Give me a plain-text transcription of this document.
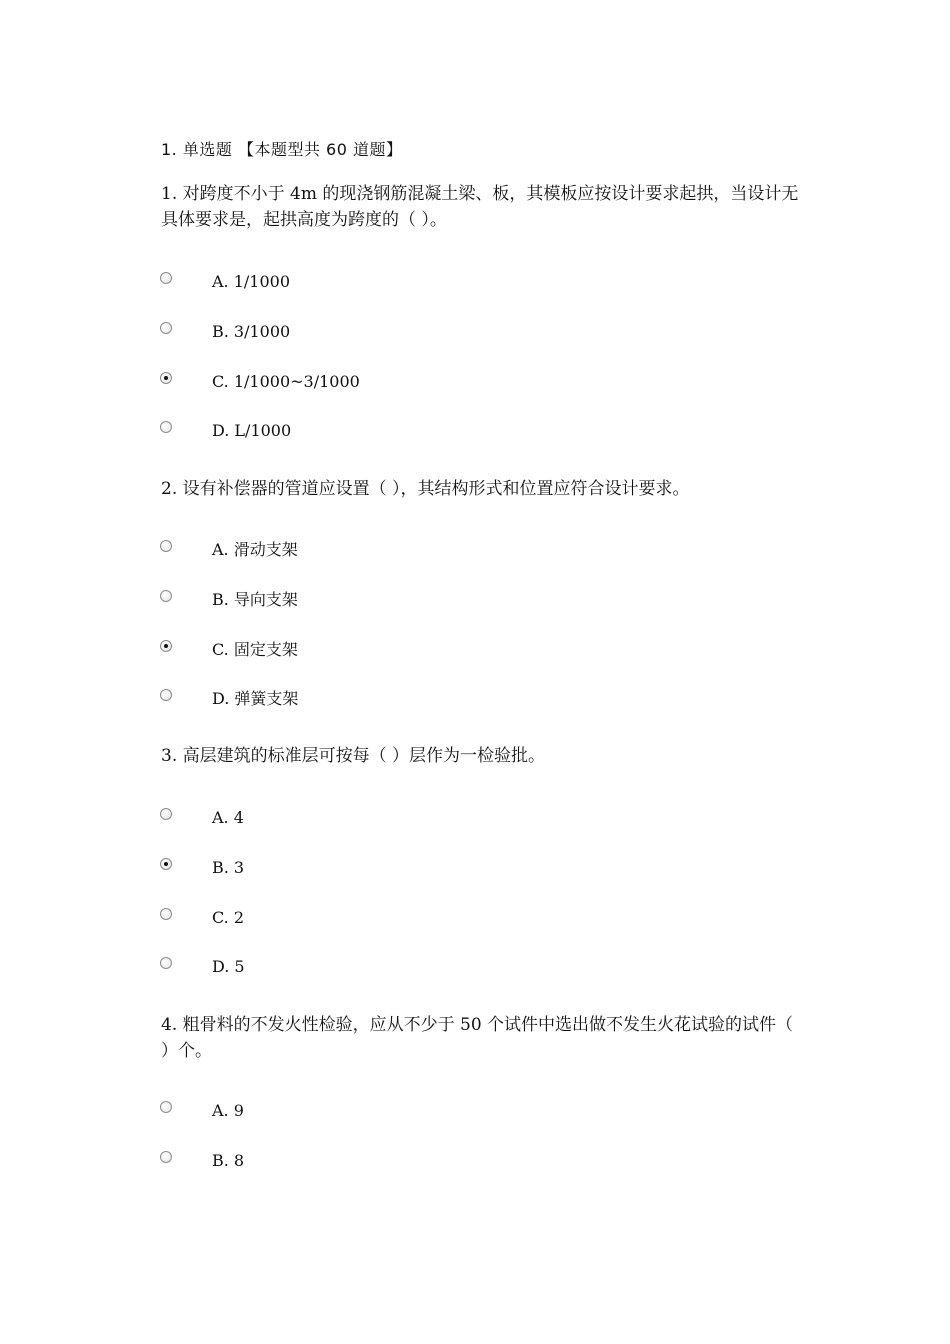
1. 单选题 【本题型共 60 道题】
1. 对跨度不小于 4m 的现浇钢筋混凝土梁、板，其模板应按设计要求起拱，当设计无具体要求是，起拱高度为跨度的（ ）。
A. 1/1000
B. 3/1000
C. 1/1000~3/1000
D. L/1000
2. 设有补偿器的管道应设置（ ），其结构形式和位置应符合设计要求。
A. 滑动支架
B. 导向支架
C. 固定支架
D. 弹簧支架
3. 高层建筑的标准层可按每（ ）层作为一检验批。
A. 4
B. 3
C. 2
D. 5
4. 粗骨料的不发火性检验，应从不少于 50 个试件中选出做不发生火花试验的试件（ ）个。
A. 9
B. 8
